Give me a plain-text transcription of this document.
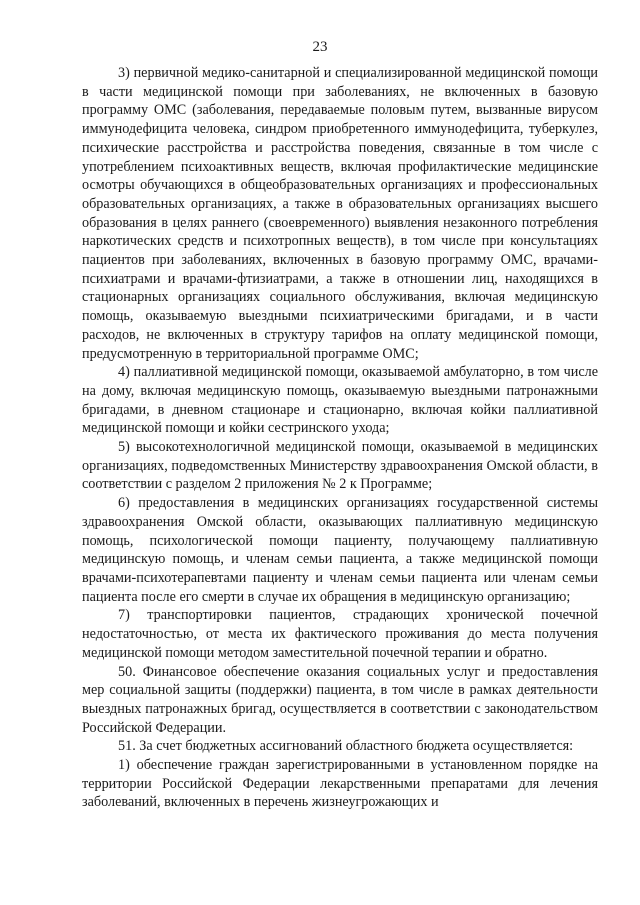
23

3) первичной медико-санитарной и специализированной медицинской помощи в части медицинской помощи при заболеваниях, не включенных в базовую программу ОМС (заболевания, передаваемые половым путем, вызванные вирусом иммунодефицита человека, синдром приобретенного иммунодефицита, туберкулез, психические расстройства и расстройства поведения, связанные в том числе с употреблением психоактивных веществ, включая профилактические медицинские осмотры обучающихся в общеобразовательных организациях и профессиональных образовательных организациях, а также в образовательных организациях высшего образования в целях раннего (своевременного) выявления незаконного потребления наркотических средств и психотропных веществ), в том числе при консультациях пациентов при заболеваниях, включенных в базовую программу ОМС, врачами-психиатрами и врачами-фтизиатрами, а также в отношении лиц, находящихся в стационарных организациях социального обслуживания, включая медицинскую помощь, оказываемую выездными психиатрическими бригадами, и в части расходов, не включенных в структуру тарифов на оплату медицинской помощи, предусмотренную в территориальной программе ОМС;

4) паллиативной медицинской помощи, оказываемой амбулаторно, в том числе на дому, включая медицинскую помощь, оказываемую выездными патронажными бригадами, в дневном стационаре и стационарно, включая койки паллиативной медицинской помощи и койки сестринского ухода;

5) высокотехнологичной медицинской помощи, оказываемой в медицинских организациях, подведомственных Министерству здравоохранения Омской области, в соответствии с разделом 2 приложения № 2 к Программе;

6) предоставления в медицинских организациях государственной системы здравоохранения Омской области, оказывающих паллиативную медицинскую помощь, психологической помощи пациенту, получающему паллиативную медицинскую помощь, и членам семьи пациента, а также медицинской помощи врачами-психотерапевтами пациенту и членам семьи пациента или членам семьи пациента после его смерти в случае их обращения в медицинскую организацию;

7) транспортировки пациентов, страдающих хронической почечной недостаточностью, от места их фактического проживания до места получения медицинской помощи методом заместительной почечной терапии и обратно.

50. Финансовое обеспечение оказания социальных услуг и предоставления мер социальной защиты (поддержки) пациента, в том числе в рамках деятельности выездных патронажных бригад, осуществляется в соответствии с законодательством Российской Федерации.

51. За счет бюджетных ассигнований областного бюджета осуществляется:

1) обеспечение граждан зарегистрированными в установленном порядке на территории Российской Федерации лекарственными препаратами для лечения заболеваний, включенных в перечень жизнеугрожающих и
